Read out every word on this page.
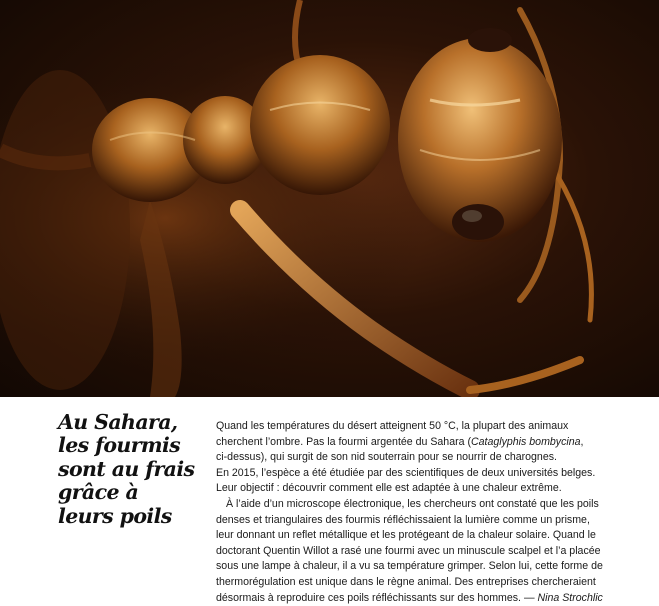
Au Sahara,
les fourmis
sont au frais
grâce à
leurs poils
Quand les températures du désert atteignent 50 °C, la plupart des animaux
cherchent l’ombre. Pas la fourmi argentée du Sahara (Cataglyphis bombycina,
ci-dessus), qui surgit de son nid souterrain pour se nourrir de charognes.
En 2015, l’espèce a été étudiée par des scientifiques de deux universités belges.
Leur objectif : découvrir comment elle est adaptée à une chaleur extrême.
À l’aide d’un microscope électronique, les chercheurs ont constaté que les poils
denses et triangulaires des fourmis réfléchissaient la lumière comme un prisme,
leur donnant un reflet métallique et les protégeant de la chaleur solaire. Quand le
doctorant Quentin Willot a rasé une fourmi avec un minuscule scalpel et l’a placée
sous une lampe à chaleur, il a vu sa température grimper. Selon lui, cette forme de
thermorégulation est unique dans le règne animal. Des entreprises chercheraient
désormais à reproduire ces poils réfléchissants sur des hommes. — Nina Strochlic
